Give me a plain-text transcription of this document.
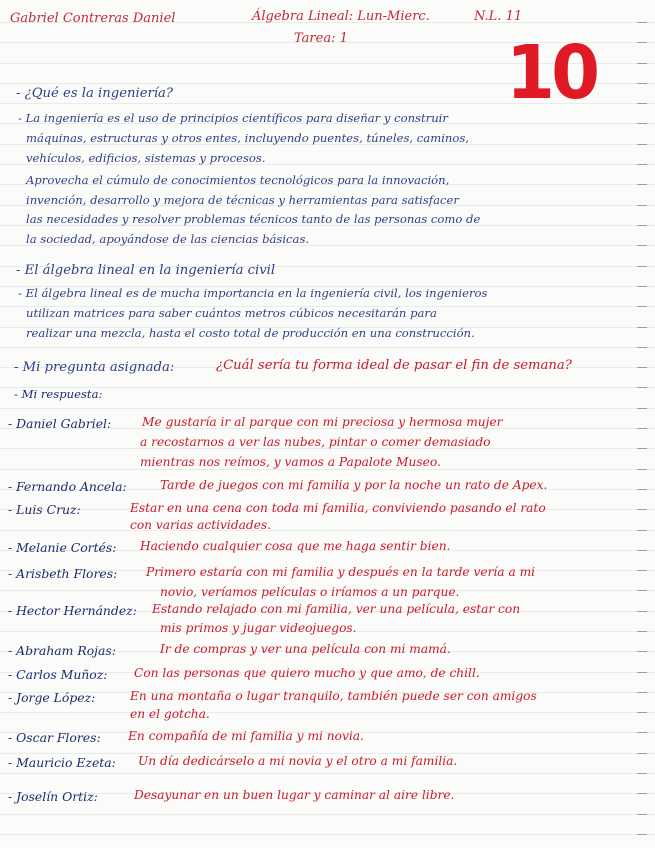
Gabriel Contreras Daniel	Álgebra Lineal: Lun-Mierc.	N.L. 11
Tarea: 1 10
- ¿Qué es la ingeniería?
- La ingeniería es el uso de principios científicos para diseñar y construir
máquinas, estructuras y otros entes, incluyendo puentes, túneles, caminos,
vehículos, edificios, sistemas y procesos.
Aprovecha el cúmulo de conocimientos tecnológicos para la innovación,
invención, desarrollo y mejora de técnicas y herramientas para satisfacer
las necesidades y resolver problemas técnicos tanto de las personas como de
la sociedad, apoyándose de las ciencias básicas.
- El álgebra lineal en la ingeniería civil
- El álgebra lineal es de mucha importancia en la ingeniería civil, los ingenieros
utilizan matrices para saber cuántos metros cúbicos necesitarán para
realizar una mezcla, hasta el costo total de producción en una construcción.
- Mi pregunta asignada:	¿Cuál sería tu forma ideal de pasar el fin de semana?
- Mi respuesta:
- Daniel Gabriel:	Me gustaría ir al parque con mi preciosa y hermosa mujer
a recostarnos a ver las nubes, pintar o comer demasiado
mientras nos reímos, y vamos a Papalote Museo.
- Fernando Ancela:	Tarde de juegos con mi familia y por la noche un rato de Apex.
- Luis Cruz:	Estar en una cena con toda mi familia, conviviendo pasando el rato
con varias actividades.
- Melanie Cortés: Haciendo cualquier cosa que me haga sentir bien.
- Arisbeth Flores: Primero estaría con mi familia y después en la tarde vería a mi
novio, veríamos películas o iríamos a un parque.
- Hector Hernández: Estando relajado con mi familia, ver una película, estar con
mis primos y jugar videojuegos.
- Abraham Rojas:	Ir de compras y ver una película con mi mamá.
- Carlos Muñoz: Con las personas que quiero mucho y que amo, de chill.
- Jorge López:	En una montaña o lugar tranquilo, también puede ser con amigos
en el gotcha.
- Oscar Flores: En compañía de mi familia y mi novia.
- Mauricio Ezeta: Un día dedicárselo a mi novia y el otro a mi familia.
- Joselín Ortiz:	Desayunar en un buen lugar y caminar al aire libre.
